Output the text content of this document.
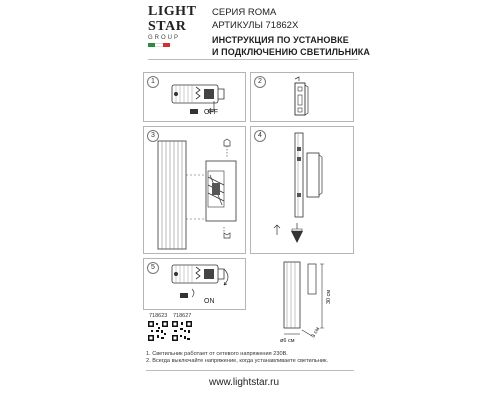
LIGHT
STAR
GROUP
СЕРИЯ ROMA
АРТИКУЛЫ 71862X
ИНСТРУКЦИЯ ПО УСТАНОВКЕ
И ПОДКЛЮЧЕНИЮ СВЕТИЛЬНИКА
1
OFF
2
3	4
5
ON	30 см
ø6 см
8 см
718623 718627
1. Светильник работает от сетевого напряжения 230В.
2. Всегда выключайте напряжение, когда устанавливаете светильник.
www.lightstar.ru
